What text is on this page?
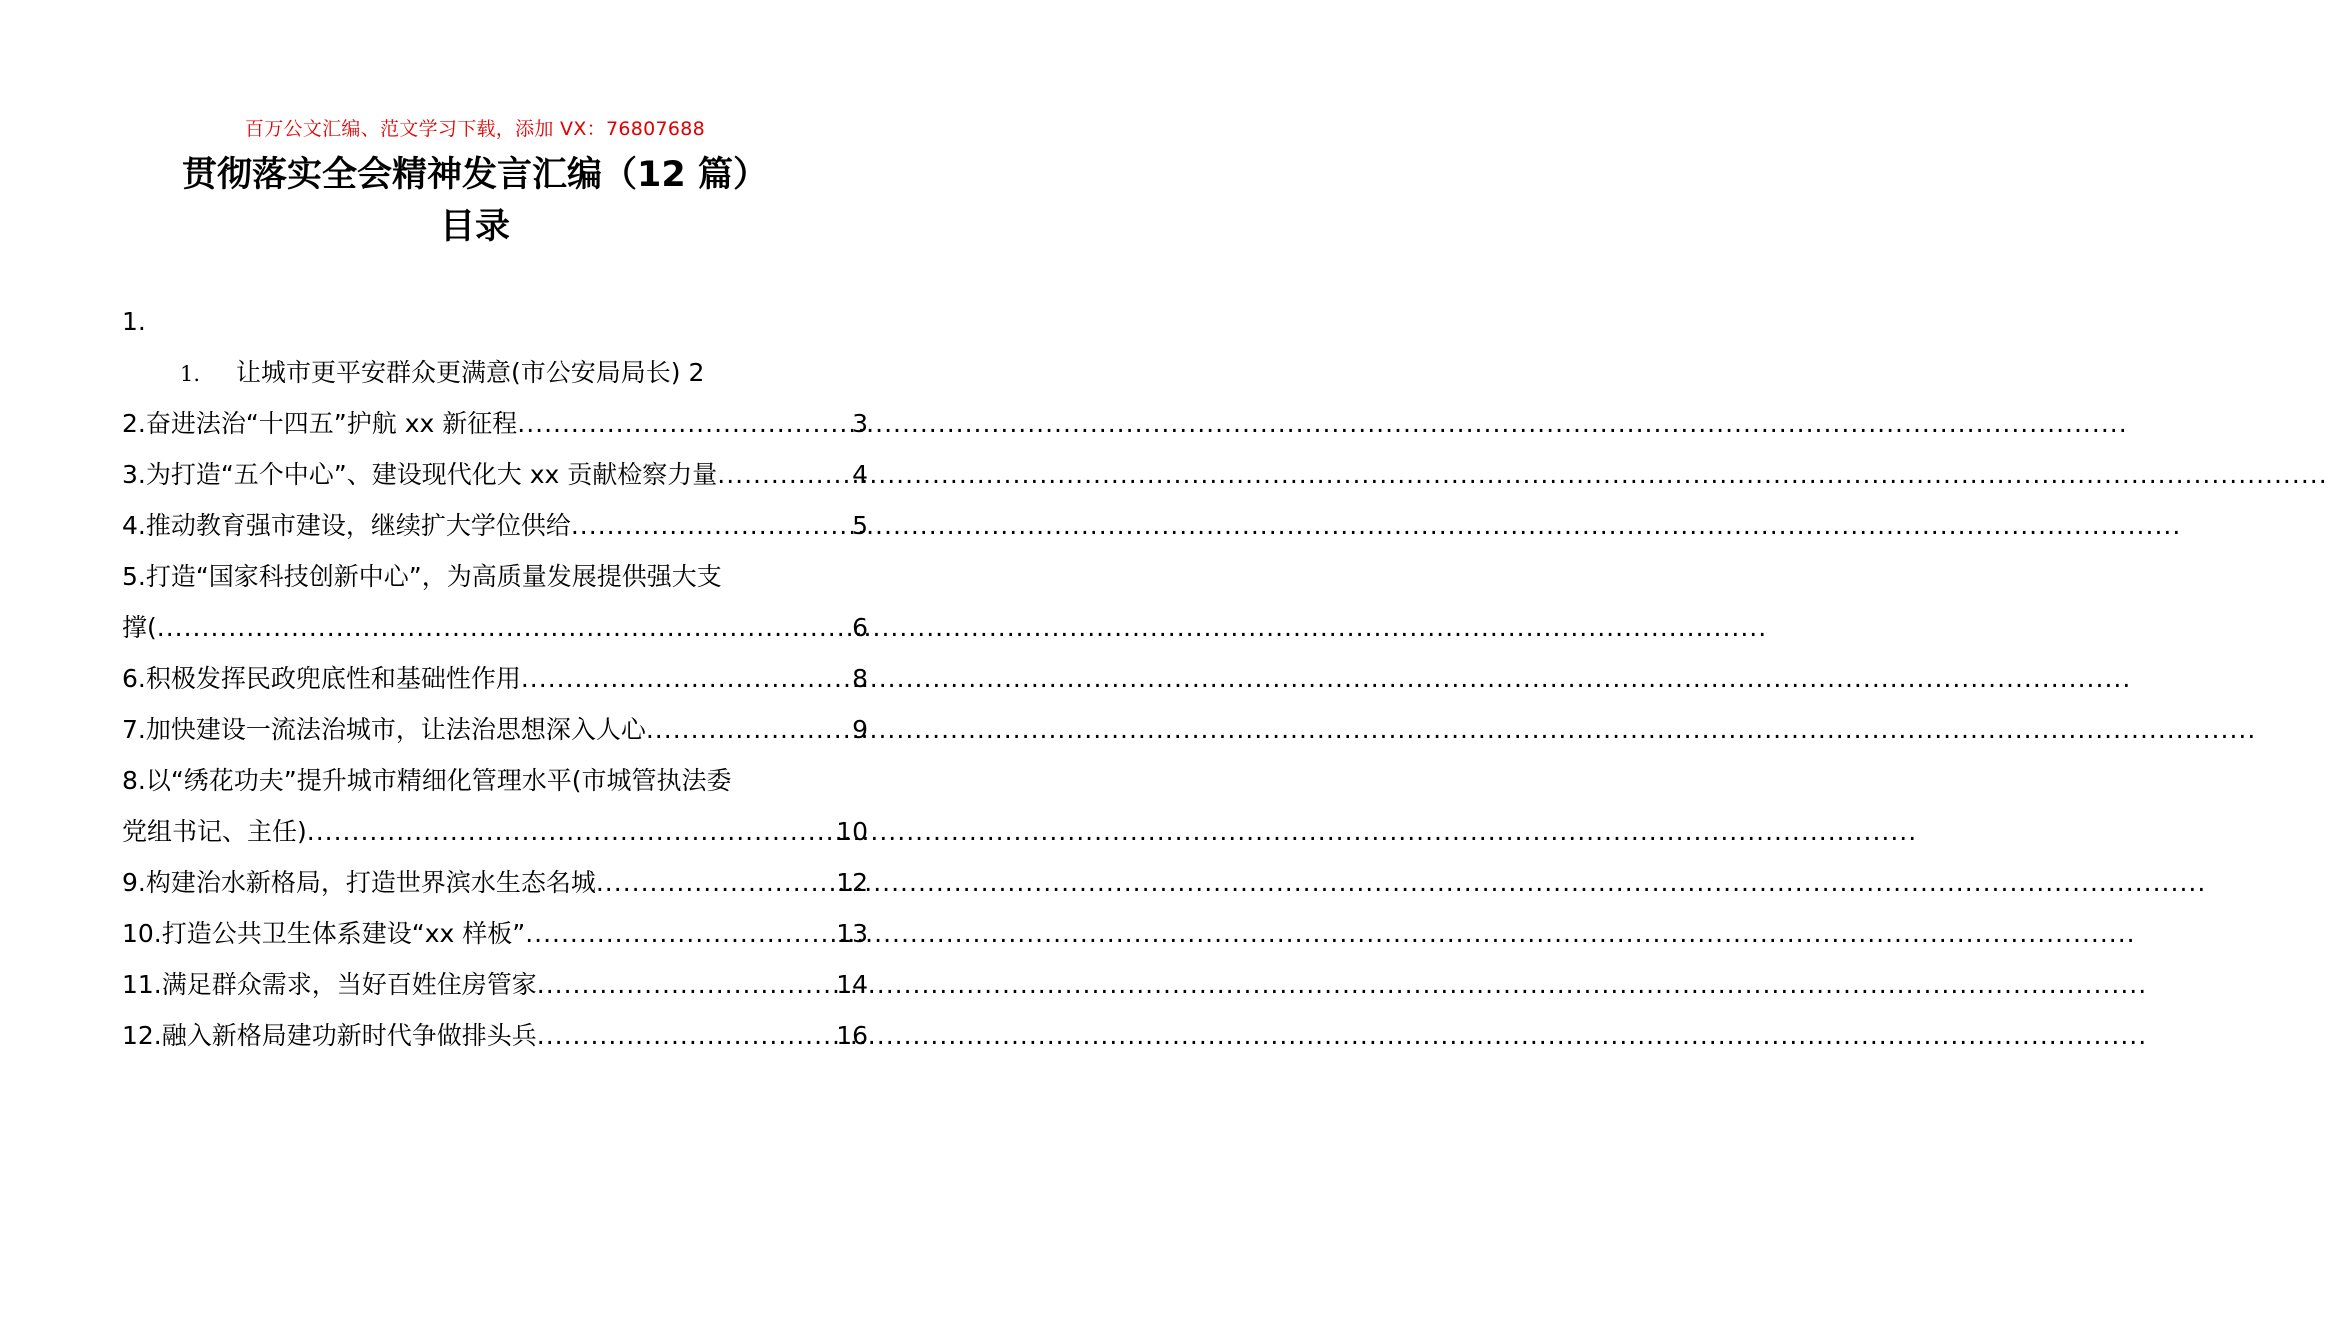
百万公文汇编、范文学习下载，添加 VX：76807688
贯彻落实全会精神发言汇编（12 篇）
目录
1.
1. 让城市更平安群众更满意(市公安局局长) 2
2.奋进法治“十四五”护航 xx 新征程 .....	3
3.为打造“五个中心”、建设现代化大 xx 贡献检察力量 .....	4
4.推动教育强市建设，继续扩大学位供给 .....	5
5.打造“国家科技创新中心”，为高质量发展提供强大支
撑( .....	6
6.积极发挥民政兜底性和基础性作用 .....	8
7.加快建设一流法治城市，让法治思想深入人心 .....	9
8.以“绣花功夫”提升城市精细化管理水平(市城管执法委
党组书记、主任) .....	10
9.构建治水新格局，打造世界滨水生态名城 .....	12
10.打造公共卫生体系建设“xx 样板” .....	13
11.满足群众需求，当好百姓住房管家 .....	14
12.融入新格局建功新时代争做排头兵 .....	16
